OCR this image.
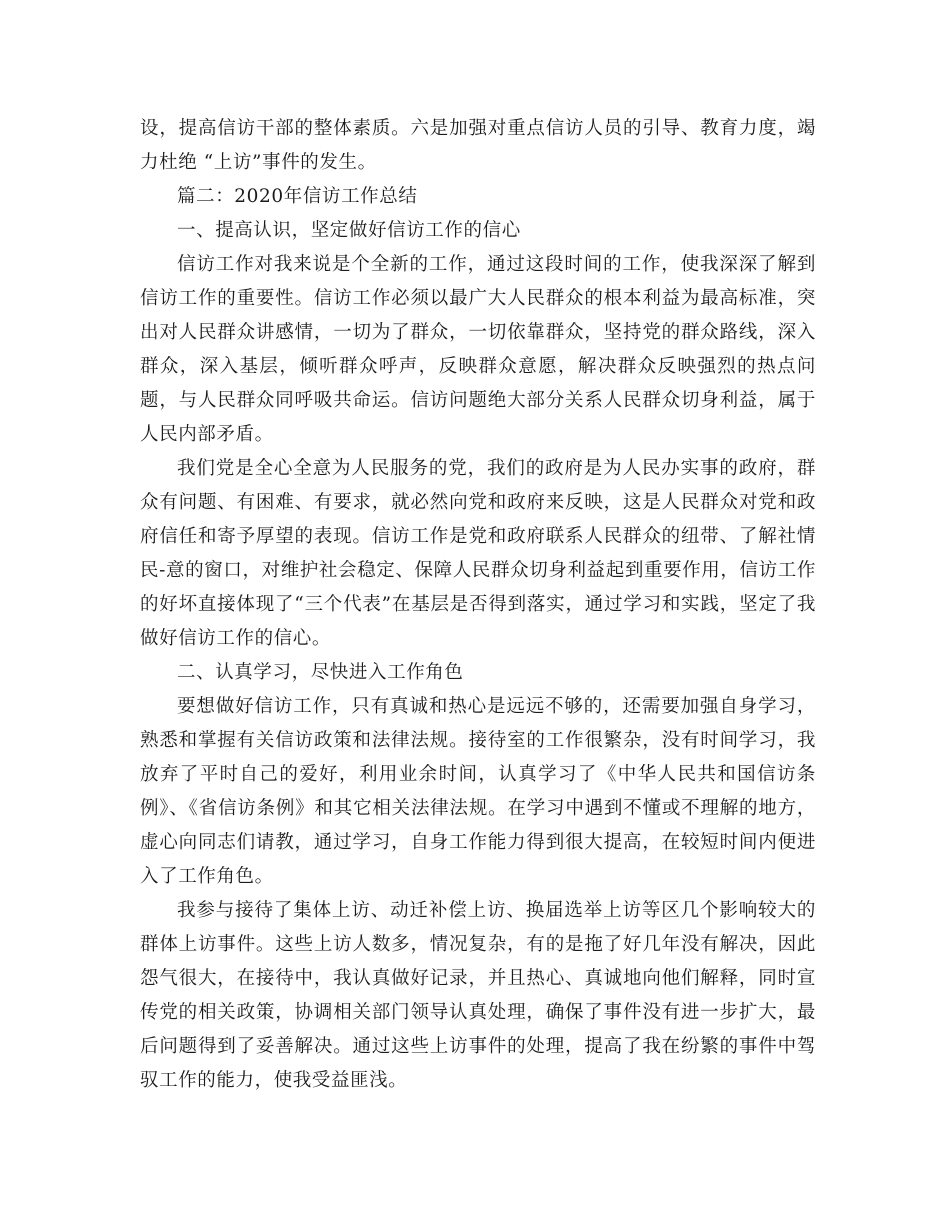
设，提高信访干部的整体素质。六是加强对重点信访人员的引导、教育力度，竭力杜绝 “上访”事件的发生。

篇二：2020年信访工作总结

一、提高认识，坚定做好信访工作的信心

信访工作对我来说是个全新的工作，通过这段时间的工作，使我深深了解到信访工作的重要性。信访工作必须以最广大人民群众的根本利益为最高标准，突出对人民群众讲感情，一切为了群众，一切依靠群众，坚持党的群众路线，深入群众，深入基层，倾听群众呼声，反映群众意愿，解决群众反映强烈的热点问题，与人民群众同呼吸共命运。信访问题绝大部分关系人民群众切身利益，属于人民内部矛盾。

我们党是全心全意为人民服务的党，我们的政府是为人民办实事的政府，群众有问题、有困难、有要求，就必然向党和政府来反映，这是人民群众对党和政府信任和寄予厚望的表现。信访工作是党和政府联系人民群众的纽带、了解社情民-意的窗口，对维护社会稳定、保障人民群众切身利益起到重要作用，信访工作的好坏直接体现了“三个代表”在基层是否得到落实，通过学习和实践，坚定了我做好信访工作的信心。

二、认真学习，尽快进入工作角色

要想做好信访工作，只有真诚和热心是远远不够的，还需要加强自身学习，熟悉和掌握有关信访政策和法律法规。接待室的工作很繁杂，没有时间学习，我放弃了平时自己的爱好，利用业余时间，认真学习了《中华人民共和国信访条例》、《省信访条例》和其它相关法律法规。在学习中遇到不懂或不理解的地方，虚心向同志们请教，通过学习，自身工作能力得到很大提高，在较短时间内便进入了工作角色。

我参与接待了集体上访、动迁补偿上访、换届选举上访等区几个影响较大的群体上访事件。这些上访人数多，情况复杂，有的是拖了好几年没有解决，因此怨气很大，在接待中，我认真做好记录，并且热心、真诚地向他们解释，同时宣传党的相关政策，协调相关部门领导认真处理，确保了事件没有进一步扩大，最后问题得到了妥善解决。通过这些上访事件的处理，提高了我在纷繁的事件中驾驭工作的能力，使我受益匪浅。
